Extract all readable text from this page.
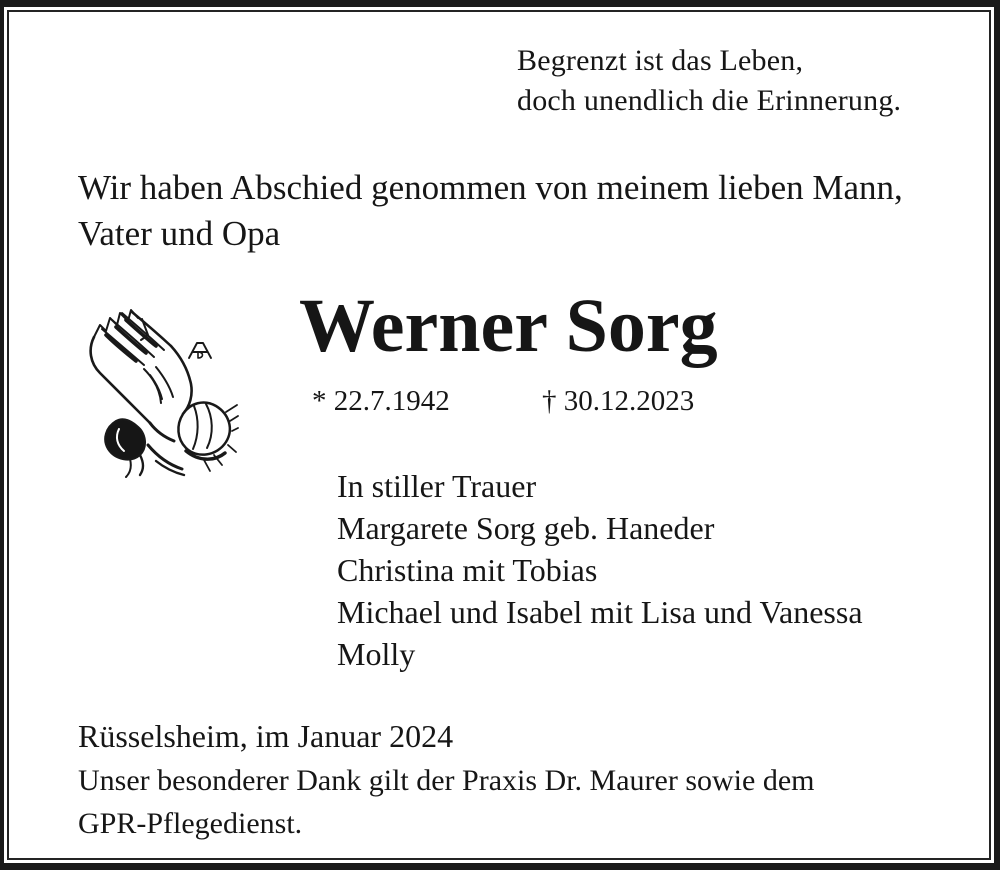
Begrenzt ist das Leben,
doch unendlich die Erinnerung.
Wir haben Abschied genommen von meinem lieben Mann,
Vater und Opa
Werner Sorg
* 22.7.1942	† 30.12.2023
In stiller Trauer
Margarete Sorg geb. Haneder
Christina mit Tobias
Michael und Isabel mit Lisa und Vanessa
Molly
Rüsselsheim, im Januar 2024
Unser besonderer Dank gilt der Praxis Dr. Maurer sowie dem
GPR-Pflegedienst.
